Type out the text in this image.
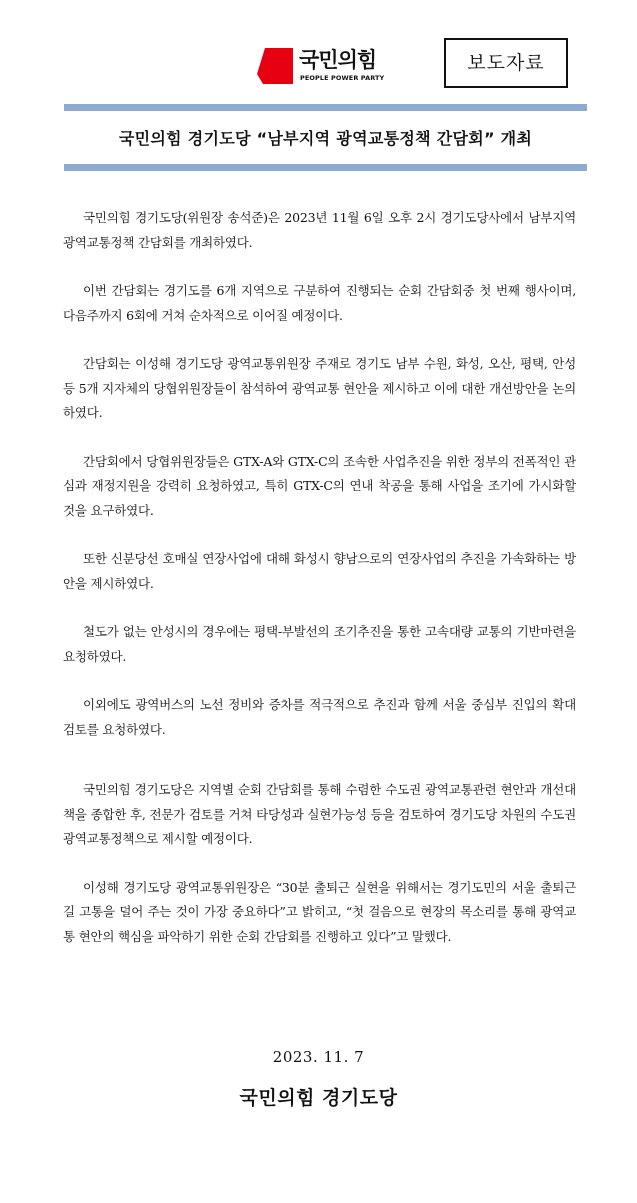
국민의힘
PEOPLE POWER PARTY
보도자료
국민의힘 경기도당 “남부지역 광역교통정책 간담회” 개최

국민의힘 경기도당(위원장 송석준)은 2023년 11월 6일 오후 2시 경기도당사에서 남부지역 광역교통정책 간담회를 개최하였다.

이번 간담회는 경기도를 6개 지역으로 구분하여 진행되는 순회 간담회중 첫 번째 행사이며, 다음주까지 6회에 거쳐 순차적으로 이어질 예정이다.

간담회는 이성해 경기도당 광역교통위원장 주재로 경기도 남부 수원, 화성, 오산, 평택, 안성 등 5개 지자체의 당협위원장들이 참석하여 광역교통 현안을 제시하고 이에 대한 개선방안을 논의하였다.

간담회에서 당협위원장들은 GTX-A와 GTX-C의 조속한 사업추진을 위한 정부의 전폭적인 관심과 재정지원을 강력히 요청하였고, 특히 GTX-C의 연내 착공을 통해 사업을 조기에 가시화할 것을 요구하였다.

또한 신분당선 호매실 연장사업에 대해 화성시 향남으로의 연장사업의 추진을 가속화하는 방안을 제시하였다.

철도가 없는 안성시의 경우에는 평택-부발선의 조기추진을 통한 고속대량 교통의 기반마련을 요청하였다.

이외에도 광역버스의 노선 정비와 증차를 적극적으로 추진과 함께 서울 중심부 진입의 확대 검토를 요청하였다.

국민의힘 경기도당은 지역별 순회 간담회를 통해 수렴한 수도권 광역교통관련 현안과 개선대책을 종합한 후, 전문가 검토를 거쳐 타당성과 실현가능성 등을 검토하여 경기도당 차원의 수도권 광역교통정책으로 제시할 예정이다.

이성해 경기도당 광역교통위원장은 “30분 출퇴근 실현을 위해서는 경기도민의 서울 출퇴근길 고통을 덜어 주는 것이 가장 중요하다”고 밝히고, “첫 걸음으로 현장의 목소리를 통해 광역교통 현안의 핵심을 파악하기 위한 순회 간담회를 진행하고 있다”고 말했다.

2023. 11. 7
국민의힘 경기도당
